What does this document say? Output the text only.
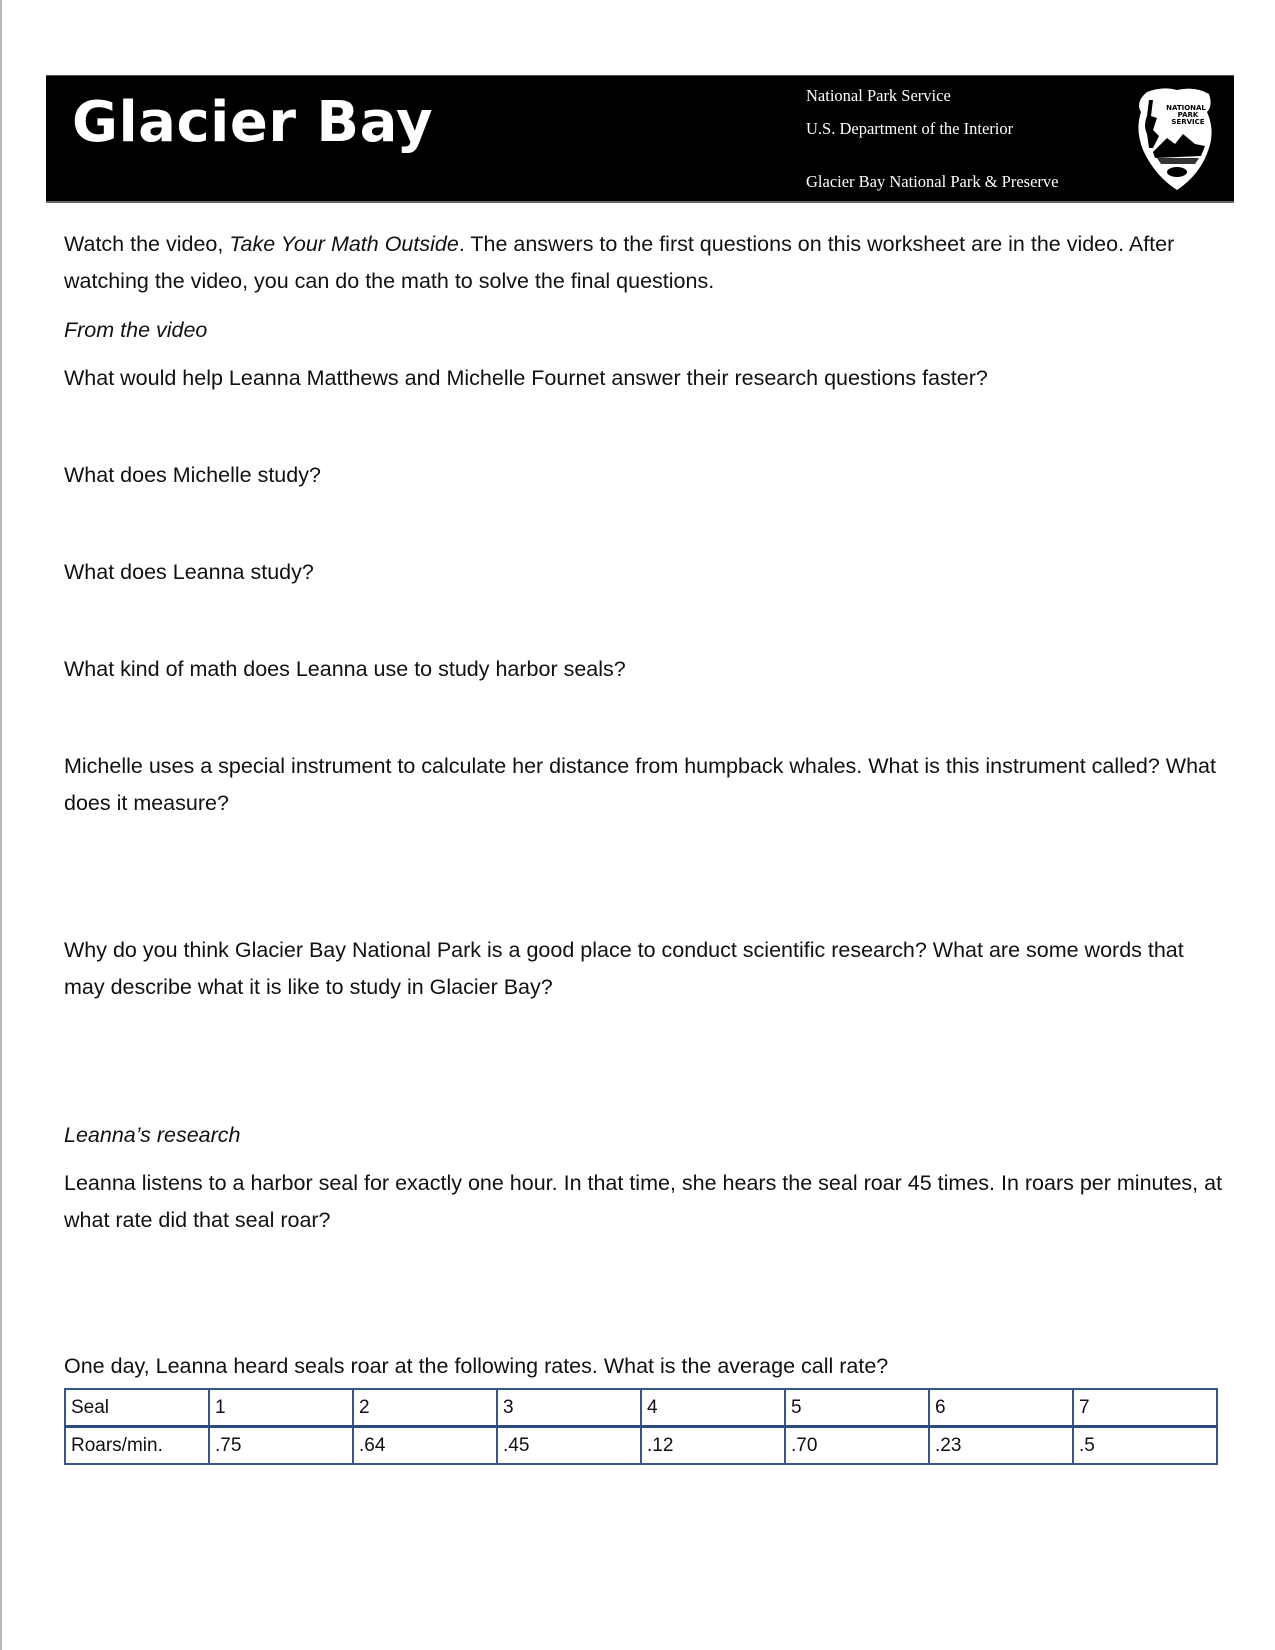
Glacier Bay	National Park Service
U.S. Department of the Interior
Glacier Bay National Park & Preserve
NATIONAL
PARK
SERVICE
Watch the video, Take Your Math Outside. The answers to the first questions on this worksheet are in the video. After watching the video, you can do the math to solve the final questions.
From the video
What would help Leanna Matthews and Michelle Fournet answer their research questions faster?
What does Michelle study?
What does Leanna study?
What kind of math does Leanna use to study harbor seals?
Michelle uses a special instrument to calculate her distance from humpback whales. What is this instrument called? What does it measure?
Why do you think Glacier Bay National Park is a good place to conduct scientific research? What are some words that may describe what it is like to study in Glacier Bay?
Leanna’s research
Leanna listens to a harbor seal for exactly one hour. In that time, she hears the seal roar 45 times. In roars per minutes, at what rate did that seal roar?
One day, Leanna heard seals roar at the following rates. What is the average call rate?
Seal	1	2	3	4	5	6	7
Roars/min.	.75	.64	.45	.12	.70	.23	.5
